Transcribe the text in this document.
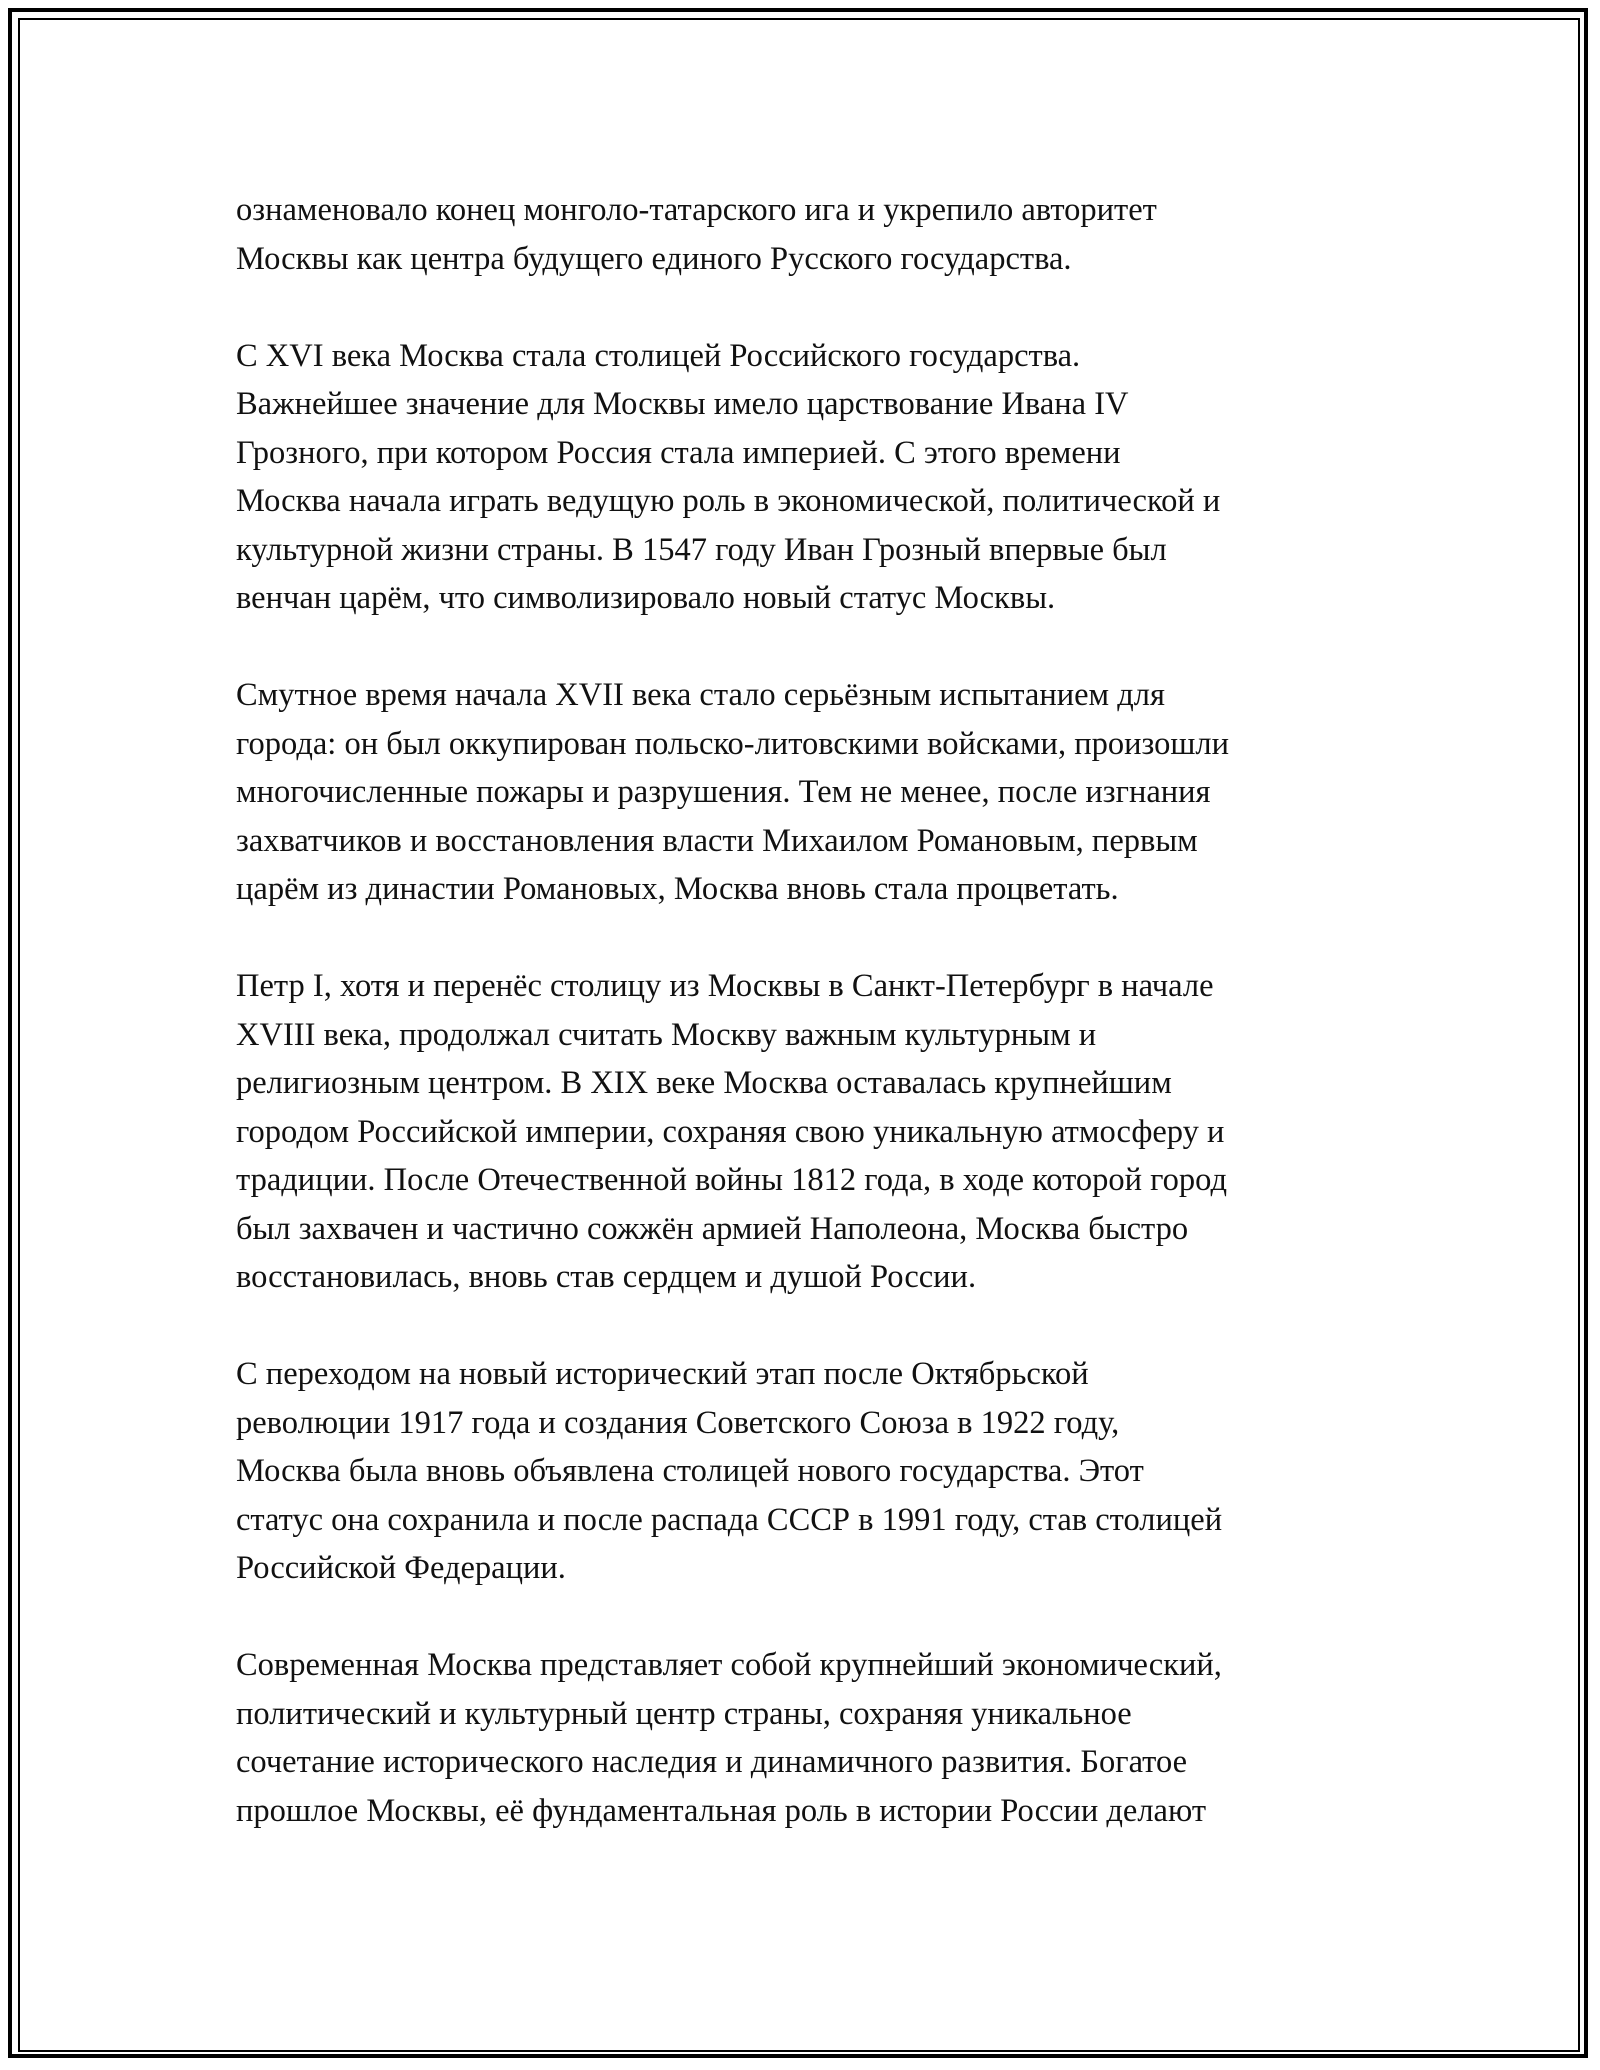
ознаменовало конец монголо-татарского ига и укрепило авторитет
Москвы как центра будущего единого Русского государства.

С XVI века Москва стала столицей Российского государства.
Важнейшее значение для Москвы имело царствование Ивана IV
Грозного, при котором Россия стала империей. С этого времени
Москва начала играть ведущую роль в экономической, политической и
культурной жизни страны. В 1547 году Иван Грозный впервые был
венчан царём, что символизировало новый статус Москвы.

Смутное время начала XVII века стало серьёзным испытанием для
города: он был оккупирован польско-литовскими войсками, произошли
многочисленные пожары и разрушения. Тем не менее, после изгнания
захватчиков и восстановления власти Михаилом Романовым, первым
царём из династии Романовых, Москва вновь стала процветать.

Петр I, хотя и перенёс столицу из Москвы в Санкт-Петербург в начале
XVIII века, продолжал считать Москву важным культурным и
религиозным центром. В XIX веке Москва оставалась крупнейшим
городом Российской империи, сохраняя свою уникальную атмосферу и
традиции. После Отечественной войны 1812 года, в ходе которой город
был захвачен и частично сожжён армией Наполеона, Москва быстро
восстановилась, вновь став сердцем и душой России.

С переходом на новый исторический этап после Октябрьской
революции 1917 года и создания Советского Союза в 1922 году,
Москва была вновь объявлена столицей нового государства. Этот
статус она сохранила и после распада СССР в 1991 году, став столицей
Российской Федерации.

Современная Москва представляет собой крупнейший экономический,
политический и культурный центр страны, сохраняя уникальное
сочетание исторического наследия и динамичного развития. Богатое
прошлое Москвы, её фундаментальная роль в истории России делают
